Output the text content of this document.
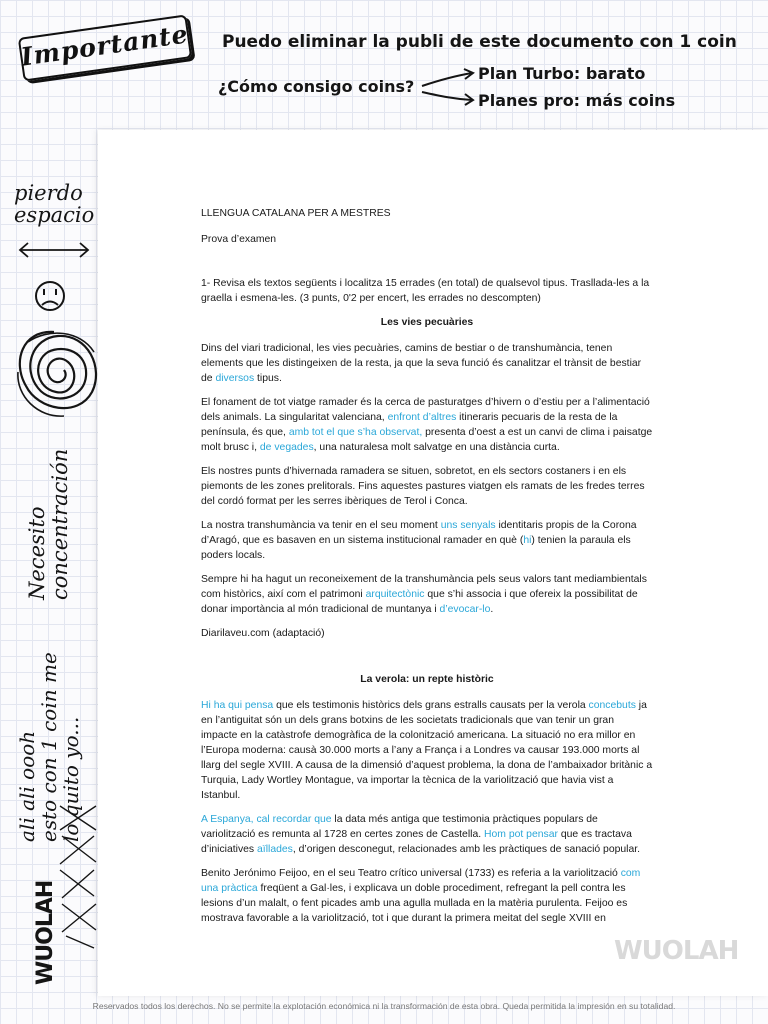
Importante Puedo eliminar la publi de este documento con 1 coin
¿Cómo consigo coins?
Plan Turbo: barato
Planes pro: más coins
pierdo
espacio
Necesito concentración
ali ali oooh
esto con 1 coin me
lo quito yo...
WUOLAH

LLENGUA CATALANA PER A MESTRES

Prova d’examen

1- Revisa els textos següents i localitza 15 errades (en total) de qualsevol tipus. Trasllada-les a la graella i esmena-les. (3 punts, 0'2 per encert, les errades no descompten)

Les vies pecuàries

Dins del viari tradicional, les vies pecuàries, camins de bestiar o de transhumància, tenen elements que les distingeixen de la resta, ja que la seva funció és canalitzar el trànsit de bestiar de diversos tipus.

El fonament de tot viatge ramader és la cerca de pasturatges d’hivern o d’estiu per a l’alimentació dels animals. La singularitat valenciana, enfront d’altres itineraris pecuaris de la resta de la península, és que, amb tot el que s’ha observat, presenta d’oest a est un canvi de clima i paisatge molt brusc i, de vegades, una naturalesa molt salvatge en una distància curta.

Els nostres punts d’hivernada ramadera se situen, sobretot, en els sectors costaners i en els piemonts de les zones prelitorals. Fins aquestes pastures viatgen els ramats de les fredes terres del cordó format per les serres ibèriques de Terol i Conca.

La nostra transhumància va tenir en el seu moment uns senyals identitaris propis de la Corona d’Aragó, que es basaven en un sistema institucional ramader en què (hi) tenien la paraula els poders locals.

Sempre hi ha hagut un reconeixement de la transhumància pels seus valors tant mediambientals com històrics, així com el patrimoni arquitectònic que s’hi associa i que ofereix la possibilitat de donar importància al món tradicional de muntanya i d’evocar-lo.

Diarilaveu.com (adaptació)

La verola: un repte històric

Hi ha qui pensa que els testimonis històrics dels grans estralls causats per la verola concebuts ja en l’antiguitat són un dels grans botxins de les societats tradicionals que van tenir un gran impacte en la catàstrofe demogràfica de la colonització americana. La situació no era millor en l’Europa moderna: causà 30.000 morts a l’any a França i a Londres va causar 193.000 morts al llarg del segle XVIII. A causa de la dimensió d’aquest problema, la dona de l’ambaixador britànic a Turquia, Lady Wortley Montague, va importar la tècnica de la variolització que havia vist a Istanbul.

A Espanya, cal recordar que la data més antiga que testimonia pràctiques populars de variolització es remunta al 1728 en certes zones de Castella. Hom pot pensar que es tractava d’iniciatives aïllades, d’origen desconegut, relacionades amb les pràctiques de sanació popular.

Benito Jerónimo Feijoo, en el seu Teatro crítico universal (1733) es referia a la variolització com una pràctica freqüent a Gal·les, i explicava un doble procediment, refregant la pell contra les lesions d’un malalt, o fent picades amb una agulla mullada en la matèria purulenta. Feijoo es mostrava favorable a la variolització, tot i que durant la primera meitat del segle XVIII en

WUOLAH
Reservados todos los derechos. No se permite la explotación económica ni la transformación de esta obra. Queda permitida la impresión en su totalidad.
